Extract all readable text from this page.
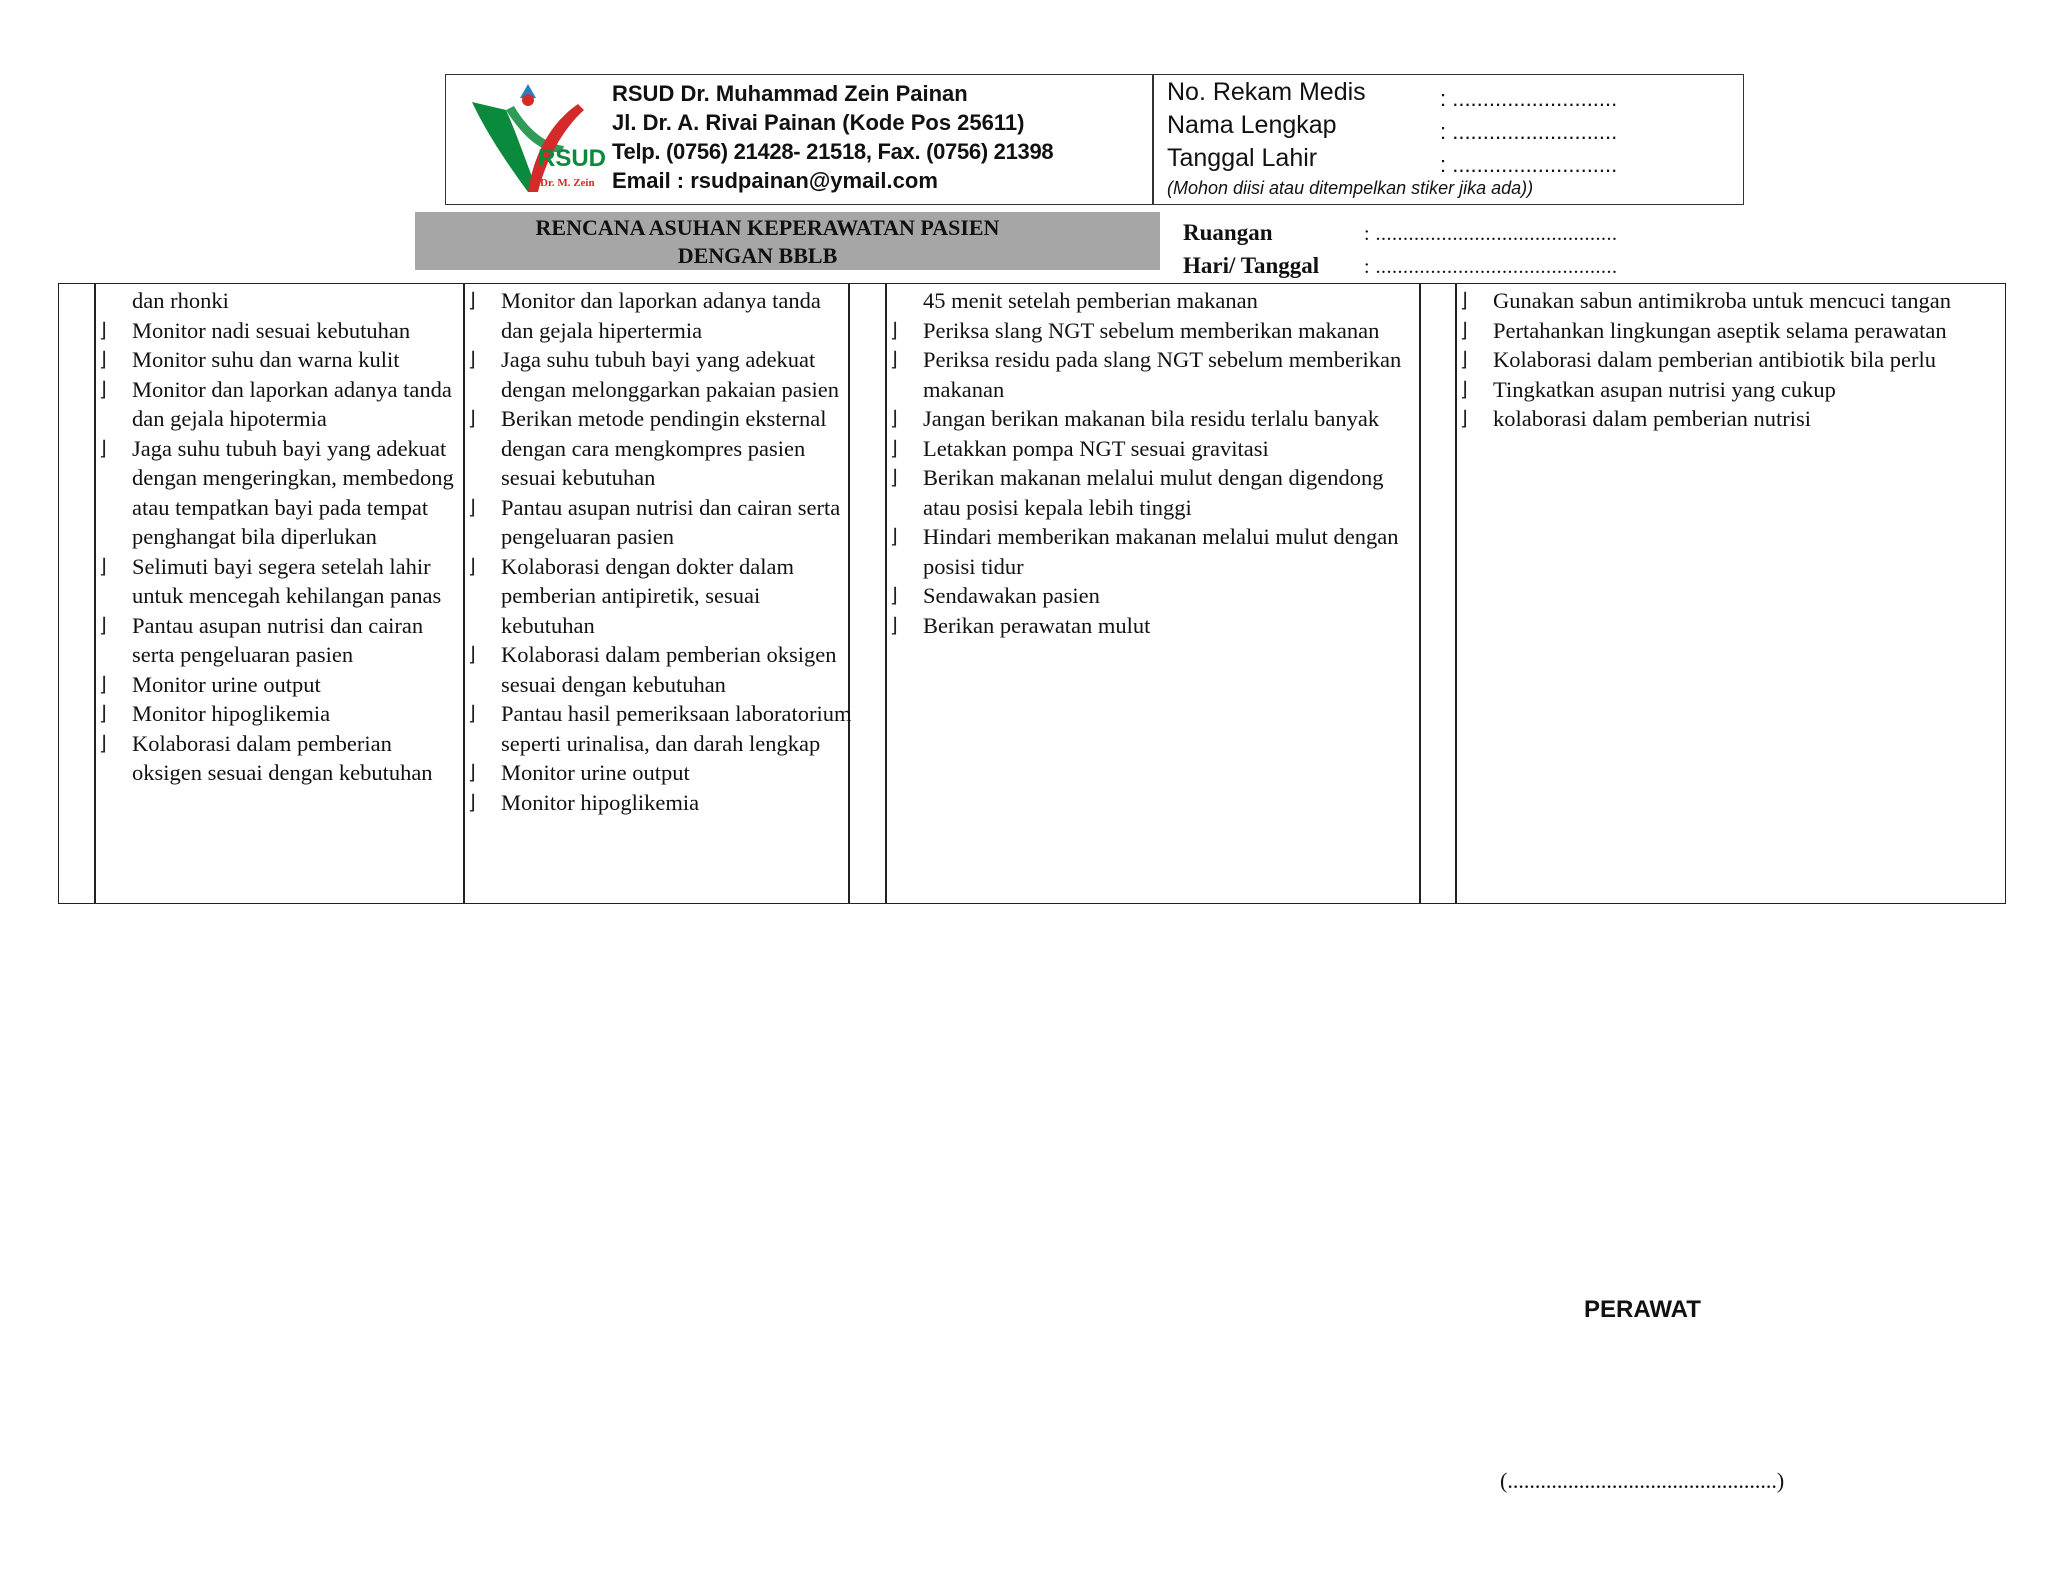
RSUD
Dr. M. Zein
RSUD Dr. Muhammad Zein Painan
Jl. Dr. A. Rivai Painan (Kode Pos 25611)
Telp. (0756) 21428- 21518, Fax. (0756) 21398
Email : rsudpainan@ymail.com
No. Rekam Medis
Nama Lengkap
Tanggal Lahir
: ...........................
: ...........................
: ...........................
(Mohon diisi atau ditempelkan stiker jika ada))
RENCANA ASUHAN KEPERAWATAN PASIEN
DENGAN BBLB
Ruangan
Hari/ Tanggal
: ............................................
: ............................................
dan rhonki
⌋ Monitor nadi sesuai kebutuhan
⌋ Monitor suhu dan warna kulit
⌋ Monitor dan laporkan adanya tanda dan gejala hipotermia
⌋ Jaga suhu tubuh bayi yang adekuat dengan mengeringkan, membedong atau tempatkan bayi pada tempat penghangat bila diperlukan
⌋ Selimuti bayi segera setelah lahir untuk mencegah kehilangan panas
⌋ Pantau asupan nutrisi dan cairan serta pengeluaran pasien
⌋ Monitor urine output
⌋ Monitor hipoglikemia
⌋ Kolaborasi dalam pemberian oksigen sesuai dengan kebutuhan
⌋ Monitor dan laporkan adanya tanda dan gejala hipertermia
⌋ Jaga suhu tubuh bayi yang adekuat dengan melonggarkan pakaian pasien
⌋ Berikan metode pendingin eksternal dengan cara mengkompres pasien sesuai kebutuhan
⌋ Pantau asupan nutrisi dan cairan serta pengeluaran pasien
⌋ Kolaborasi dengan dokter dalam pemberian antipiretik, sesuai kebutuhan
⌋ Kolaborasi dalam pemberian oksigen sesuai dengan kebutuhan
⌋ Pantau hasil pemeriksaan laboratorium seperti urinalisa, dan darah lengkap
⌋ Monitor urine output
⌋ Monitor hipoglikemia
45 menit setelah pemberian makanan
⌋ Periksa slang NGT sebelum memberikan makanan
⌋ Periksa residu pada slang NGT sebelum memberikan makanan
⌋ Jangan berikan makanan bila residu terlalu banyak
⌋ Letakkan pompa NGT sesuai gravitasi
⌋ Berikan makanan melalui mulut dengan digendong atau posisi kepala lebih tinggi
⌋ Hindari memberikan makanan melalui mulut dengan posisi tidur
⌋ Sendawakan pasien
⌋ Berikan perawatan mulut
⌋ Gunakan sabun antimikroba untuk mencuci tangan
⌋ Pertahankan lingkungan aseptik selama perawatan
⌋ Kolaborasi dalam pemberian antibiotik bila perlu
⌋ Tingkatkan asupan nutrisi yang cukup
⌋ kolaborasi dalam pemberian nutrisi
PERAWAT
(.................................................)
